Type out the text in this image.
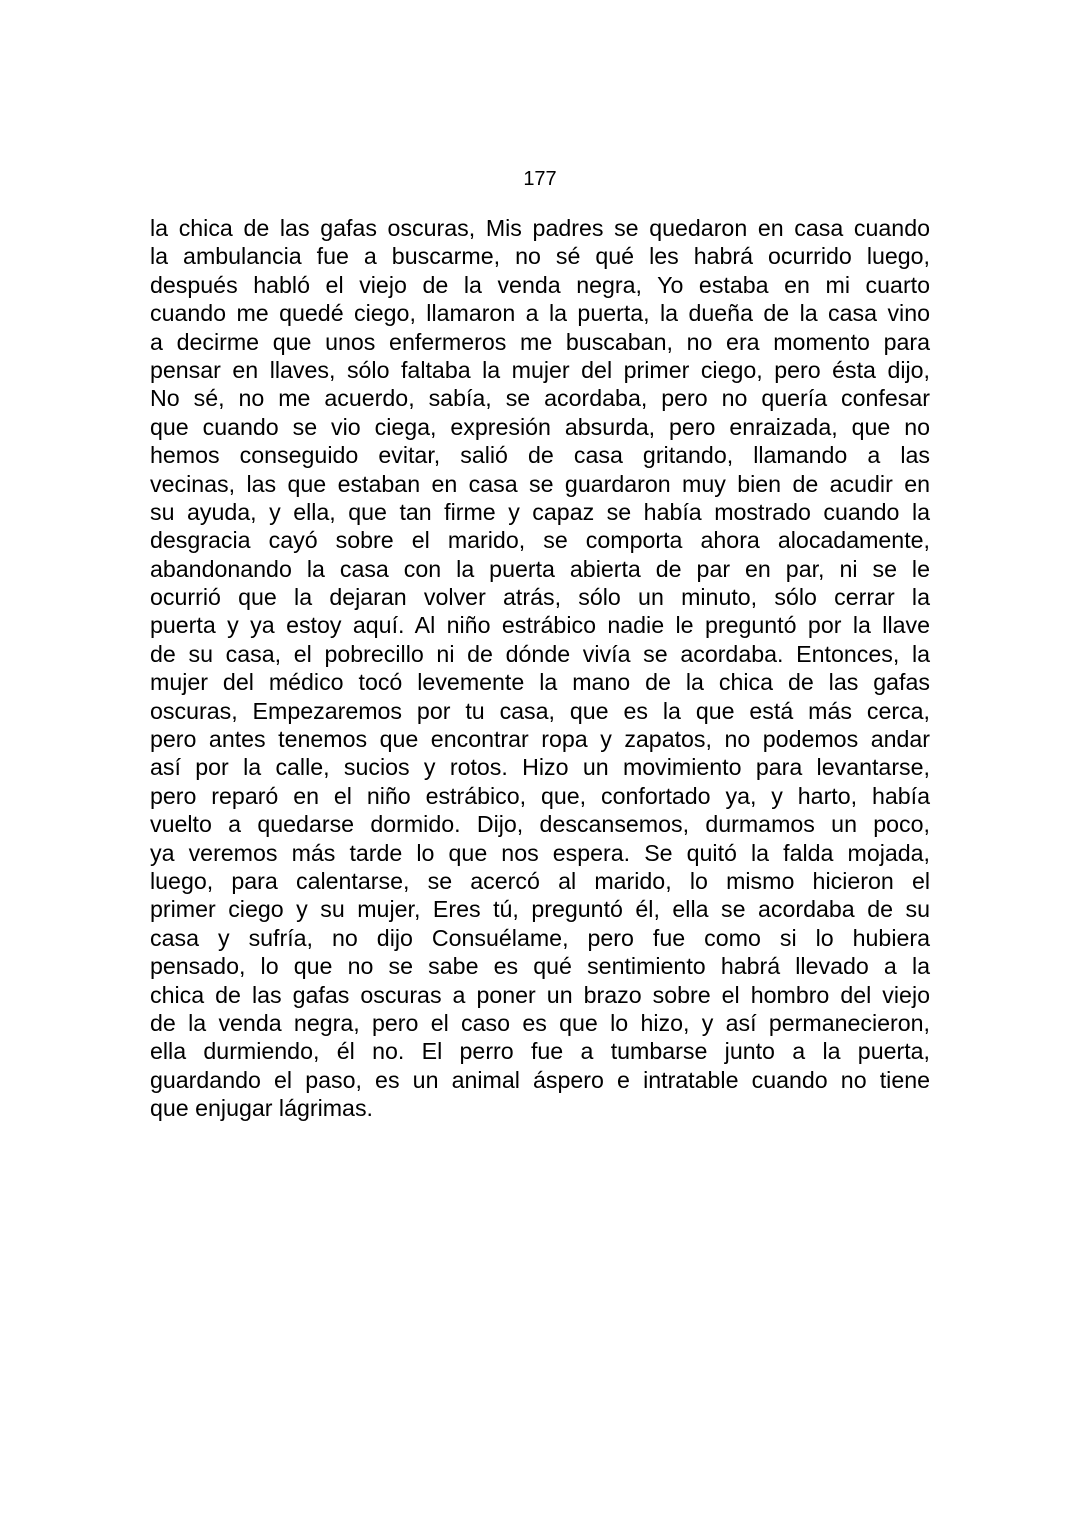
177
la chica de las gafas oscuras, Mis padres se quedaron en casa cuando
la ambulancia fue a buscarme, no sé qué les habrá ocurrido luego,
después habló el viejo de la venda negra, Yo estaba en mi cuarto
cuando me quedé ciego, llamaron a la puerta, la dueña de la casa vino
a decirme que unos enfermeros me buscaban, no era momento para
pensar en llaves, sólo faltaba la mujer del primer ciego, pero ésta dijo,
No sé, no me acuerdo, sabía, se acordaba, pero no quería confesar
que cuando se vio ciega, expresión absurda, pero enraizada, que no
hemos conseguido evitar, salió de casa gritando, llamando a las
vecinas, las que estaban en casa se guardaron muy bien de acudir en
su ayuda, y ella, que tan firme y capaz se había mostrado cuando la
desgracia cayó sobre el marido, se comporta ahora alocadamente,
abandonando la casa con la puerta abierta de par en par, ni se le
ocurrió que la dejaran volver atrás, sólo un minuto, sólo cerrar la
puerta y ya estoy aquí. Al niño estrábico nadie le preguntó por la llave
de su casa, el pobrecillo ni de dónde vivía se acordaba. Entonces, la
mujer del médico tocó levemente la mano de la chica de las gafas
oscuras, Empezaremos por tu casa, que es la que está más cerca,
pero antes tenemos que encontrar ropa y zapatos, no podemos andar
así por la calle, sucios y rotos. Hizo un movimiento para levantarse,
pero reparó en el niño estrábico, que, confortado ya, y harto, había
vuelto a quedarse dormido. Dijo, descansemos, durmamos un poco,
ya veremos más tarde lo que nos espera. Se quitó la falda mojada,
luego, para calentarse, se acercó al marido, lo mismo hicieron el
primer ciego y su mujer, Eres tú, preguntó él, ella se acordaba de su
casa y sufría, no dijo Consuélame, pero fue como si lo hubiera
pensado, lo que no se sabe es qué sentimiento habrá llevado a la
chica de las gafas oscuras a poner un brazo sobre el hombro del viejo
de la venda negra, pero el caso es que lo hizo, y así permanecieron,
ella durmiendo, él no. El perro fue a tumbarse junto a la puerta,
guardando el paso, es un animal áspero e intratable cuando no tiene
que enjugar lágrimas.
